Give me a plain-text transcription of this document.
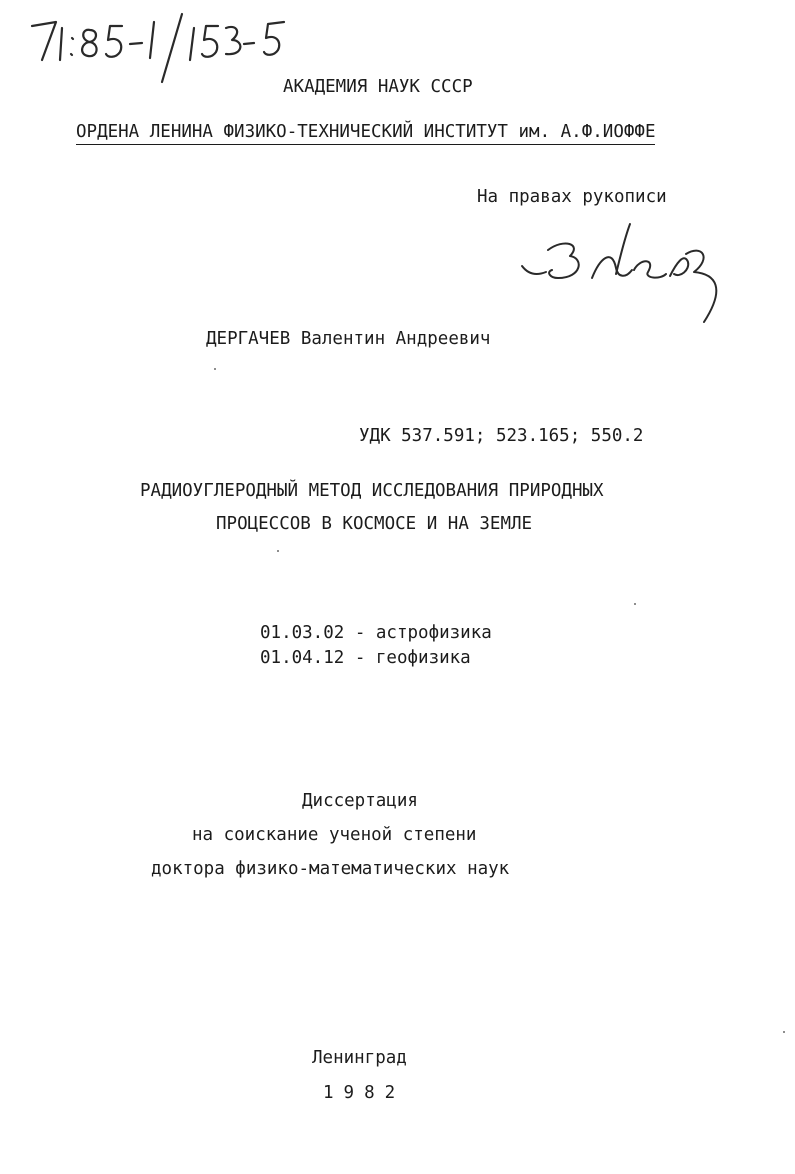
АКАДЕМИЯ НАУК СССР
ОРДЕНА ЛЕНИНА ФИЗИКО-ТЕХНИЧЕСКИЙ ИНСТИТУТ им. А.Ф.ИОФФЕ
На правах рукописи
ДЕРГАЧЕВ Валентин Андреевич
УДК 537.591; 523.165; 550.2
РАДИОУГЛЕРОДНЫЙ МЕТОД ИССЛЕДОВАНИЯ ПРИРОДНЫХ
ПРОЦЕССОВ В КОСМОСЕ И НА ЗЕМЛЕ
01.03.02 - астрофизика
01.04.12 - геофизика
Диссертация
на соискание ученой степени
доктора физико-математических наук
Ленинград
1982
